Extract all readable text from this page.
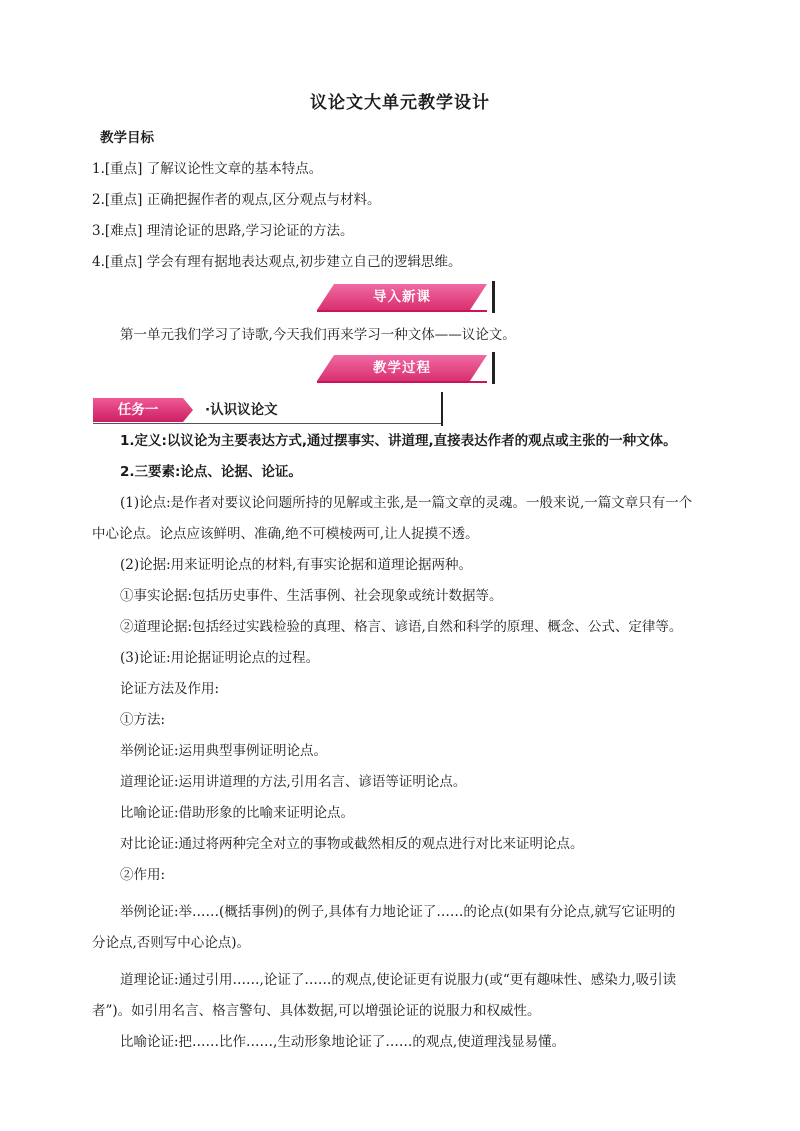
议论文大单元教学设计
教学目标
1.[重点] 了解议论性文章的基本特点。
2.[重点] 正确把握作者的观点,区分观点与材料。
3.[难点] 理清论证的思路,学习论证的方法。
4.[重点] 学会有理有据地表达观点,初步建立自己的逻辑思维。
导入新课
第一单元我们学习了诗歌,今天我们再来学习一种文体——议论文。
教学过程
任务一	·认识议论文
1.定义:以议论为主要表达方式,通过摆事实、讲道理,直接表达作者的观点或主张的一种文体。
2.三要素:论点、论据、论证。
(1)论点:是作者对要议论问题所持的见解或主张,是一篇文章的灵魂。一般来说,一篇文章只有一个
中心论点。论点应该鲜明、准确,绝不可模棱两可,让人捉摸不透。
(2)论据:用来证明论点的材料,有事实论据和道理论据两种。
①事实论据:包括历史事件、生活事例、社会现象或统计数据等。
②道理论据:包括经过实践检验的真理、格言、谚语,自然和科学的原理、概念、公式、定律等。
(3)论证:用论据证明论点的过程。
论证方法及作用:
①方法:
举例论证:运用典型事例证明论点。
道理论证:运用讲道理的方法,引用名言、谚语等证明论点。
比喻论证:借助形象的比喻来证明论点。
对比论证:通过将两种完全对立的事物或截然相反的观点进行对比来证明论点。
②作用:
举例论证:举……(概括事例)的例子,具体有力地论证了……的论点(如果有分论点,就写它证明的
分论点,否则写中心论点)。
道理论证:通过引用……,论证了……的观点,使论证更有说服力(或“更有趣味性、感染力,吸引读
者”)。如引用名言、格言警句、具体数据,可以增强论证的说服力和权威性。
比喻论证:把……比作……,生动形象地论证了……的观点,使道理浅显易懂。
